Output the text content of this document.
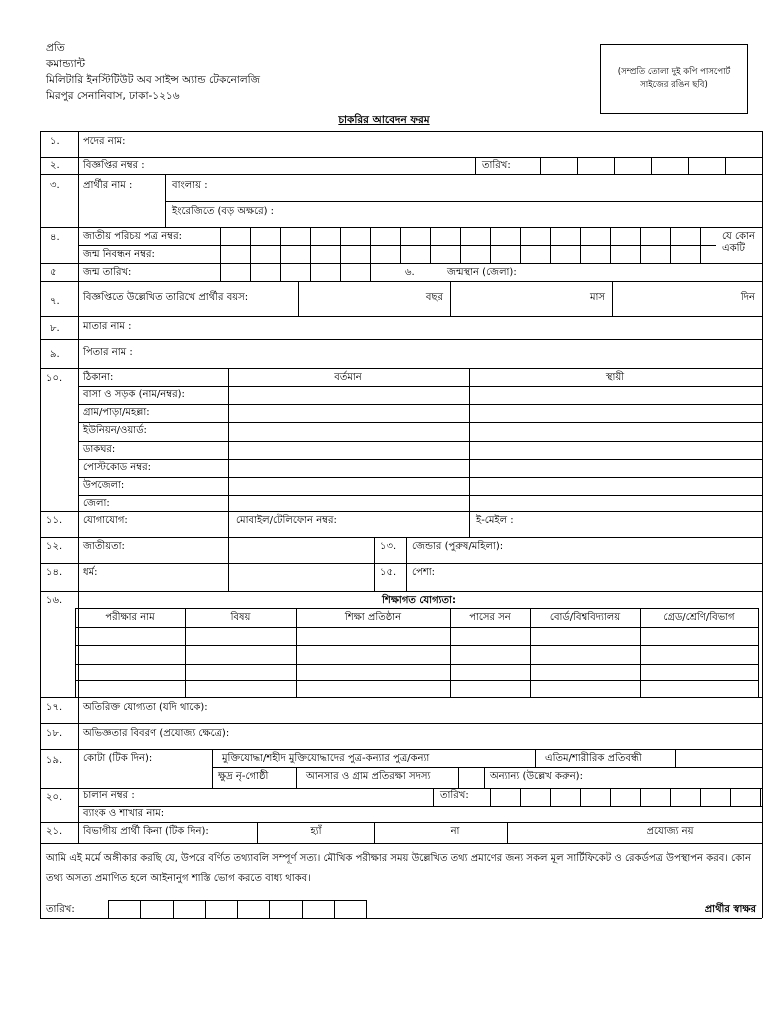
প্রতি
কমান্ড্যান্ট
মিলিটারি ইনস্টিটিউট অব সাইন্স অ্যান্ড টেকনোলজি
মিরপুর সেনানিবাস, ঢাকা-১২১৬
(সম্প্রতি তোলা দুই কপি পাসপোর্ট সাইজের রঙিন ছবি)
চাকরির আবেদন ফরম
১. পদের নাম:
২. বিজ্ঞপ্তির নম্বর :	তারিখ:
৩. প্রার্থীর নাম :	বাংলায় :
ইংরেজিতে (বড় অক্ষরে) :
৪. জাতীয় পরিচয় পত্র নম্বর:
জন্ম নিবন্ধন নম্বর:
যে কোন
একটি
৫	জন্ম তারিখ:	৬.	জন্মস্থান (জেলা):
৭. বিজ্ঞপ্তিতে উল্লেখিত তারিখে প্রার্থীর বয়স:	বছর	মাস	দিন
৮. মাতার নাম :
৯. পিতার নাম :
১০. ঠিকানা:	বর্তমান	স্থায়ী
বাসা ও সড়ক (নাম/নম্বর):
গ্রাম/পাড়া/মহল্লা:
ইউনিয়ন/ওয়ার্ড:
ডাকঘর:
পোস্টকোড নম্বর:
উপজেলা:
জেলা:
১১. যোগাযোগ:	মোবাইল/টেলিফোন নম্বর:	ই-মেইল :
১২. জাতীয়তা:	১৩. জেন্ডার (পুরুষ/মহিলা):
১৪. ধর্ম:	১৫. পেশা:
১৬.	শিক্ষাগত যোগ্যতা:
পরীক্ষার নাম	বিষয়	শিক্ষা প্রতিষ্ঠান	পাসের সন	বোর্ড/বিশ্ববিদ্যালয়	গ্রেড/শ্রেণি/বিভাগ
১৭. অতিরিক্ত যোগ্যতা (যদি থাকে):
১৮. অভিজ্ঞতার বিবরণ (প্রযোজ্য ক্ষেত্রে):
১৯. কোটা (টিক দিন):	মুক্তিযোদ্ধা/শহীদ মুক্তিযোদ্ধাদের পুত্র-কন্যার পুত্র/কন্যা	এতিম/শারীরিক প্রতিবন্ধী
ক্ষুদ্র নৃ-গোষ্ঠী	আনসার ও গ্রাম প্রতিরক্ষা সদস্য	অন্যান্য (উল্লেখ করুন):
২০. চালান নম্বর :	তারিখ:
ব্যাংক ও শাখার নাম:
২১. বিভাগীয় প্রার্থী কিনা (টিক দিন):	হ্যাঁ	না	প্রযোজ্য নয়
তারিখ:	প্রার্থীর স্বাক্ষর
আমি এই মর্মে অঙ্গীকার করছি যে, উপরে বর্ণিত তথ্যাবলি সম্পূর্ণ সত্য। মৌখিক পরীক্ষার সময় উল্লেখিত তথ্য প্রমাণের জন্য সকল মূল সার্টিফিকেট ও রেকর্ডপত্র উপস্থাপন করব। কোন তথ্য অসত্য প্রমাণিত হলে আইনানুগ শাস্তি ভোগ করতে বাধ্য থাকব।
